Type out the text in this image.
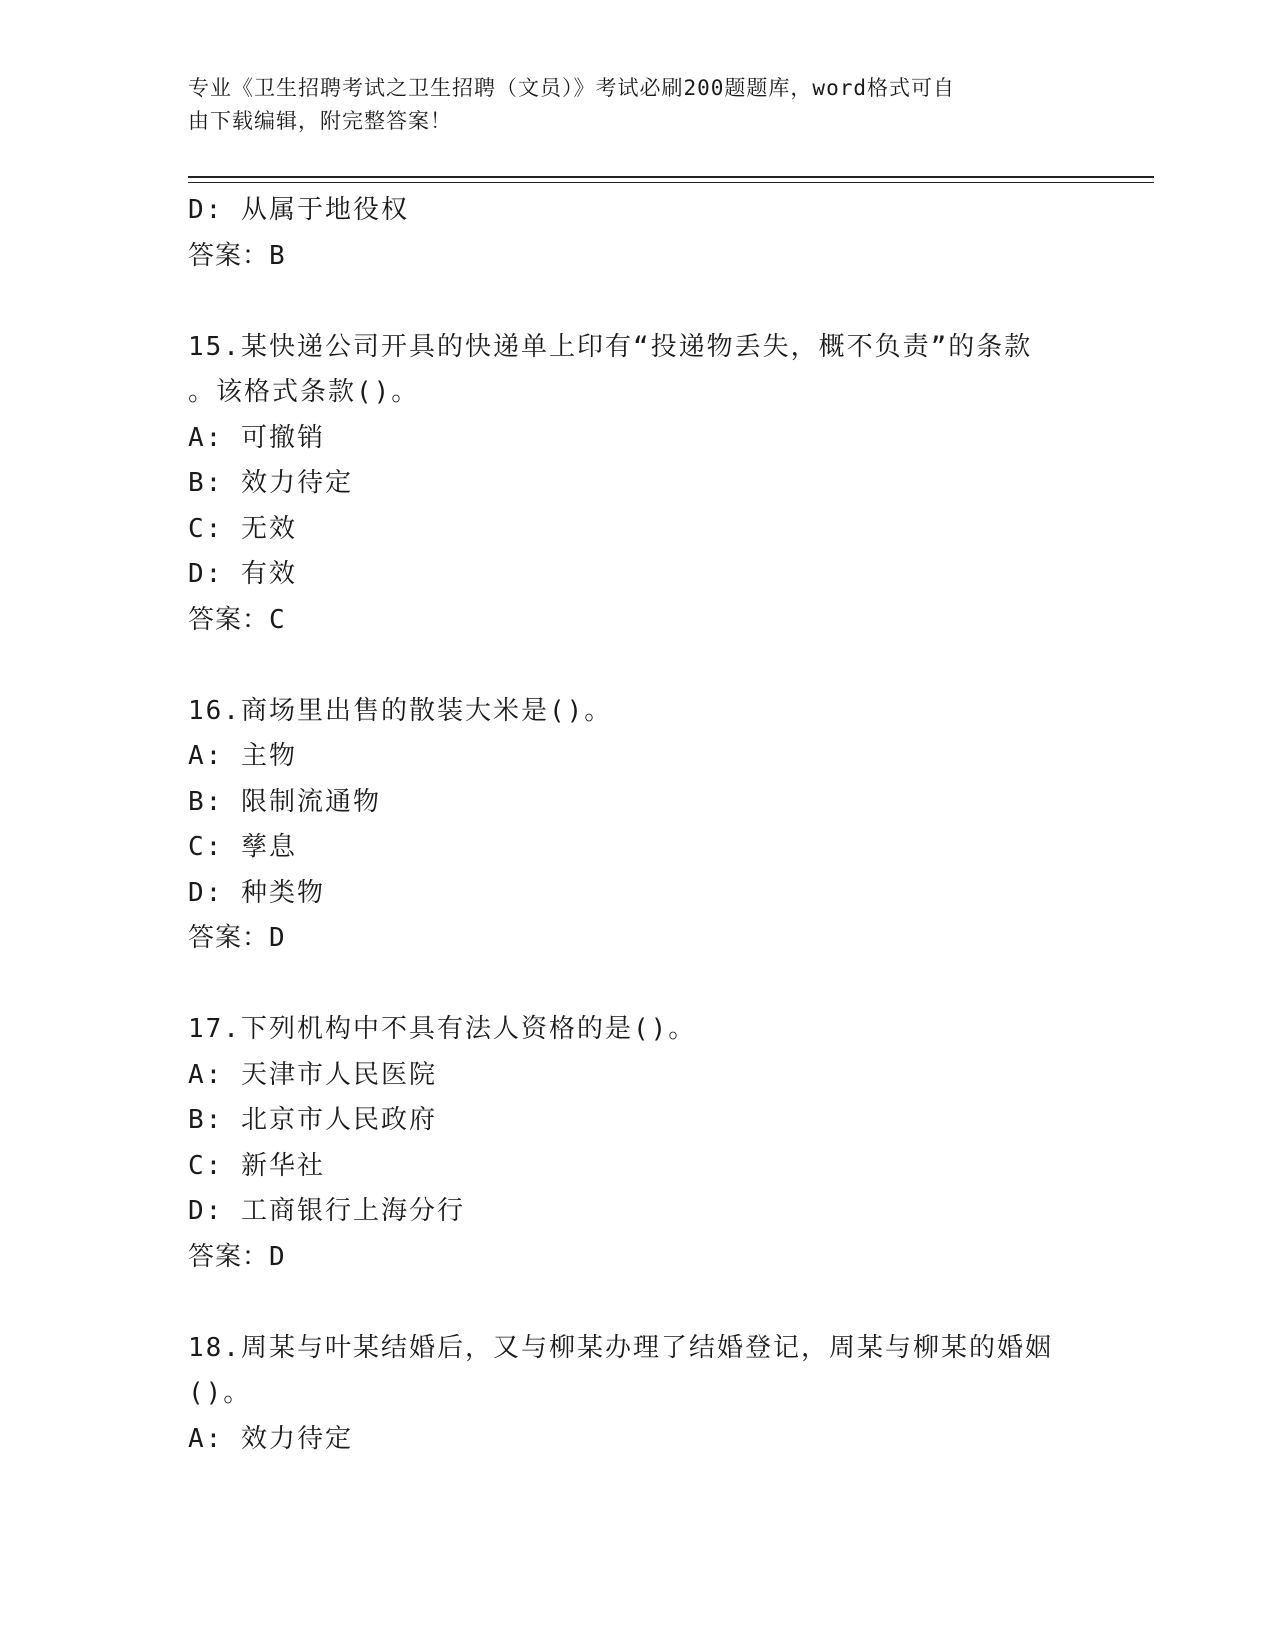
专业《卫生招聘考试之卫生招聘（文员）》考试必刷200题题库，word格式可自
由下载编辑，附完整答案！
D: 从属于地役权
答案：B
15.某快递公司开具的快递单上印有“投递物丢失，概不负责”的条款
。该格式条款()。
A: 可撤销
B: 效力待定
C: 无效
D: 有效
答案：C
16.商场里出售的散装大米是()。
A: 主物
B: 限制流通物
C: 孳息
D: 种类物
答案：D
17.下列机构中不具有法人资格的是()。
A: 天津市人民医院
B: 北京市人民政府
C: 新华社
D: 工商银行上海分行
答案：D
18.周某与叶某结婚后，又与柳某办理了结婚登记，周某与柳某的婚姻
()。
A: 效力待定
